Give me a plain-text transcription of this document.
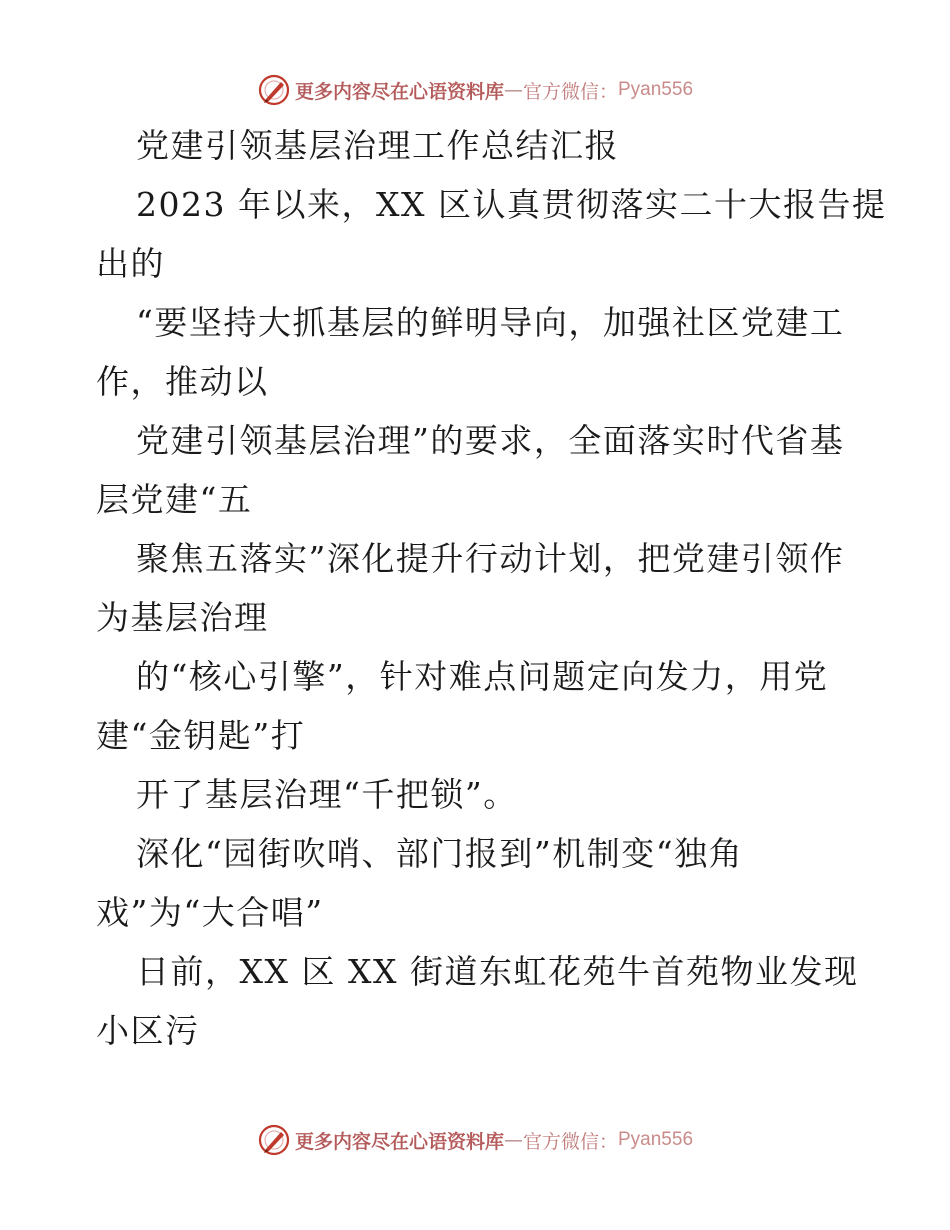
更多内容尽在心语资料库 — 官方微信： Pyan556
党建引领基层治理工作总结汇报
2023 年以来，XX 区认真贯彻落实二十大报告提
出的
“要坚持大抓基层的鲜明导向，加强社区党建工
作，推动以
党建引领基层治理”的要求，全面落实时代省基
层党建“五
聚焦五落实”深化提升行动计划，把党建引领作
为基层治理
的“核心引擎”，针对难点问题定向发力，用党
建“金钥匙”打
开了基层治理“千把锁”。
深化“园街吹哨、部门报到”机制变“独角
戏”为“大合唱”
日前，XX 区 XX 街道东虹花苑牛首苑物业发现
小区污
更多内容尽在心语资料库 — 官方微信： Pyan556
